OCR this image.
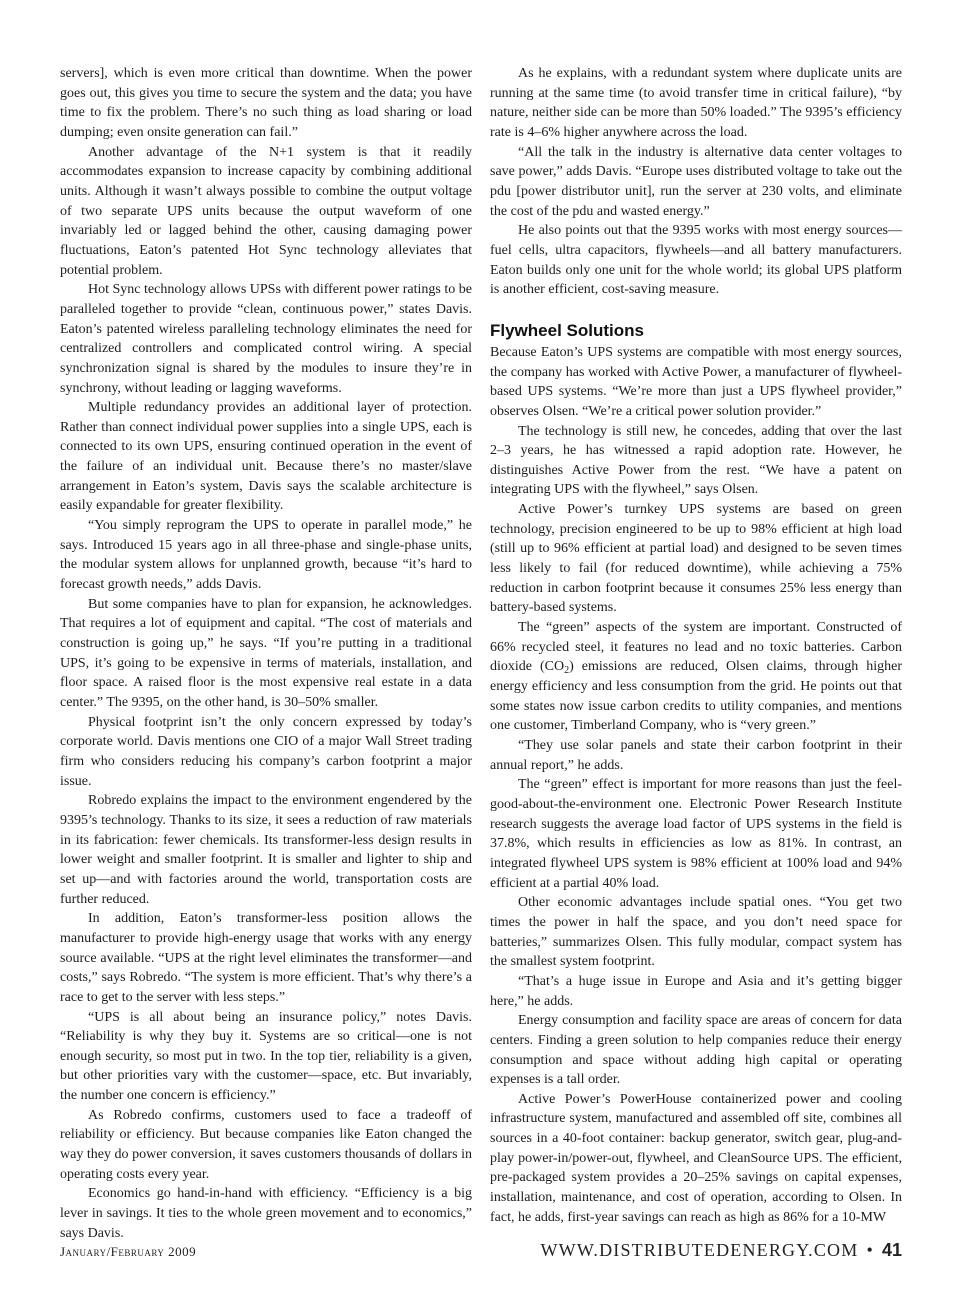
servers], which is even more critical than downtime. When the power goes out, this gives you time to secure the system and the data; you have time to fix the problem. There’s no such thing as load sharing or load dumping; even onsite generation can fail.”

Another advantage of the N+1 system is that it readily accommodates expansion to increase capacity by combining additional units. Although it wasn’t always possible to combine the output voltage of two separate UPS units because the output waveform of one invariably led or lagged behind the other, causing damaging power fluctuations, Eaton’s patented Hot Sync technology alleviates that potential problem.

Hot Sync technology allows UPSs with different power ratings to be paralleled together to provide “clean, continuous power,” states Davis. Eaton’s patented wireless paralleling technology eliminates the need for centralized controllers and complicated control wiring. A special synchronization signal is shared by the modules to insure they’re in synchrony, without leading or lagging waveforms.

Multiple redundancy provides an additional layer of protection. Rather than connect individual power supplies into a single UPS, each is connected to its own UPS, ensuring continued operation in the event of the failure of an individual unit. Because there’s no master/slave arrangement in Eaton’s system, Davis says the scalable architecture is easily expandable for greater flexibility.

“You simply reprogram the UPS to operate in parallel mode,” he says. Introduced 15 years ago in all three-phase and single-phase units, the modular system allows for unplanned growth, because “it’s hard to forecast growth needs,” adds Davis.

But some companies have to plan for expansion, he acknowledges. That requires a lot of equipment and capital. “The cost of materials and construction is going up,” he says. “If you’re putting in a traditional UPS, it’s going to be expensive in terms of materials, installation, and floor space. A raised floor is the most expensive real estate in a data center.” The 9395, on the other hand, is 30–50% smaller.

Physical footprint isn’t the only concern expressed by today’s corporate world. Davis mentions one CIO of a major Wall Street trading firm who considers reducing his company’s carbon footprint a major issue.

Robredo explains the impact to the environment engendered by the 9395’s technology. Thanks to its size, it sees a reduction of raw materials in its fabrication: fewer chemicals. Its transformer-less design results in lower weight and smaller footprint. It is smaller and lighter to ship and set up—and with factories around the world, transportation costs are further reduced.

In addition, Eaton’s transformer-less position allows the manufacturer to provide high-energy usage that works with any energy source available. “UPS at the right level eliminates the transformer—and costs,” says Robredo. “The system is more efficient. That’s why there’s a race to get to the server with less steps.”

“UPS is all about being an insurance policy,” notes Davis. “Reliability is why they buy it. Systems are so critical—one is not enough security, so most put in two. In the top tier, reliability is a given, but other priorities vary with the customer—space, etc. But invariably, the number one concern is efficiency.”

As Robredo confirms, customers used to face a tradeoff of reliability or efficiency. But because companies like Eaton changed the way they do power conversion, it saves customers thousands of dollars in operating costs every year.

Economics go hand-in-hand with efficiency. “Efficiency is a big lever in savings. It ties to the whole green movement and to economics,” says Davis.

As he explains, with a redundant system where duplicate units are running at the same time (to avoid transfer time in critical failure), “by nature, neither side can be more than 50% loaded.” The 9395’s efficiency rate is 4–6% higher anywhere across the load.

“All the talk in the industry is alternative data center voltages to save power,” adds Davis. “Europe uses distributed voltage to take out the pdu [power distributor unit], run the server at 230 volts, and eliminate the cost of the pdu and wasted energy.”

He also points out that the 9395 works with most energy sources—fuel cells, ultra capacitors, flywheels—and all battery manufacturers. Eaton builds only one unit for the whole world; its global UPS platform is another efficient, cost-saving measure.

Flywheel Solutions

Because Eaton’s UPS systems are compatible with most energy sources, the company has worked with Active Power, a manufacturer of flywheel-based UPS systems. “We’re more than just a UPS flywheel provider,” observes Olsen. “We’re a critical power solution provider.”

The technology is still new, he concedes, adding that over the last 2–3 years, he has witnessed a rapid adoption rate. However, he distinguishes Active Power from the rest. “We have a patent on integrating UPS with the flywheel,” says Olsen.

Active Power’s turnkey UPS systems are based on green technology, precision engineered to be up to 98% efficient at high load (still up to 96% efficient at partial load) and designed to be seven times less likely to fail (for reduced downtime), while achieving a 75% reduction in carbon footprint because it consumes 25% less energy than battery-based systems.

The “green” aspects of the system are important. Constructed of 66% recycled steel, it features no lead and no toxic batteries. Carbon dioxide $(CO_2)$ emissions are reduced, Olsen claims, through higher energy efficiency and less consumption from the grid. He points out that some states now issue carbon credits to utility companies, and mentions one customer, Timberland Company, who is “very green.”

“They use solar panels and state their carbon footprint in their annual report,” he adds.

The “green” effect is important for more reasons than just the feel-good-about-the-environment one. Electronic Power Research Institute research suggests the average load factor of UPS systems in the field is 37.8%, which results in efficiencies as low as 81%. In contrast, an integrated flywheel UPS system is 98% efficient at 100% load and 94% efficient at a partial 40% load.

Other economic advantages include spatial ones. “You get two times the power in half the space, and you don’t need space for batteries,” summarizes Olsen. This fully modular, compact system has the smallest system footprint.

“That’s a huge issue in Europe and Asia and it’s getting bigger here,” he adds.

Energy consumption and facility space are areas of concern for data centers. Finding a green solution to help companies reduce their energy consumption and space without adding high capital or operating expenses is a tall order.

Active Power’s PowerHouse containerized power and cooling infrastructure system, manufactured and assembled off site, combines all sources in a 40-foot container: backup generator, switch gear, plug-and-play power-in/power-out, flywheel, and CleanSource UPS. The efficient, pre-packaged system provides a 20–25% savings on capital expenses, installation, maintenance, and cost of operation, according to Olsen. In fact, he adds, first-year savings can reach as high as 86% for a 10-MW

January/February 2009	WWW.DISTRIBUTEDENERGY.COM • 41
